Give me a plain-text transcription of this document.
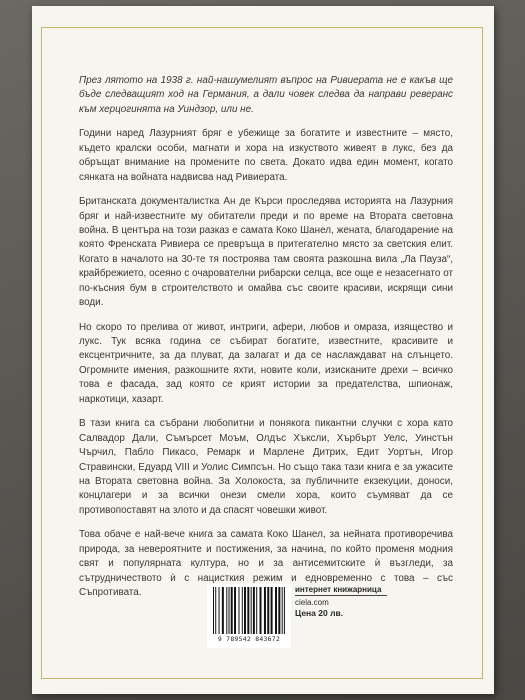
През лятото на 1938 г. най-нашумелият въпрос на Ривиерата не е какъв ще бъде следващият ход на Германия, а дали човек следва да направи реверанс към херцогинята на Уиндзор, или не.

Години наред Лазурният бряг е убежище за богатите и известните – място, където кралски особи, магнати и хора на изкуството живеят в лукс, без да обръщат внимание на промените по света. Докато идва един момент, когато сянката на войната надвисва над Ривиерата.

Британската документалистка Ан де Кърси проследява историята на Лазурния бряг и най-известните му обитатели преди и по време на Втората световна война. В центъра на този разказ е самата Коко Шанел, жената, благодарение на която Френската Ривиера се превръща в притегателно място за светския елит. Когато в началото на 30-те тя построява там своята разкошна вила „Ла Пауза“, крайбрежието, осеяно с очарователни рибарски селца, все още е незасегнато от по-късния бум в строителството и омайва със своите красиви, искрящи сини води.

Но скоро то прелива от живот, интриги, афери, любов и омраза, изящество и лукс. Тук всяка година се събират богатите, известните, красивите и ексцентричните, за да плуват, да залагат и да се наслаждават на слънцето. Огромните имения, разкошните яхти, новите коли, изисканите дрехи – всичко това е фасада, зад която се крият истории за предателства, шпионаж, наркотици, хазарт.

В тази книга са събрани любопитни и понякога пикантни случки с хора като Салвадор Дали, Съмърсет Моъм, Олдъс Хъксли, Хърбърт Уелс, Уинстън Чърчил, Пабло Пикасо, Ремарк и Марлене Дитрих, Едит Уортън, Игор Стравински, Едуард VIII и Уолис Симпсън. Но също така тази книга е за ужасите на Втората световна война. За Холокоста, за публичните екзекуции, доноси, концлагери и за всички онези смели хора, които съумяват да се противопоставят на злото и да спасят човешки живот.

Това обаче е най-вече книга за самата Коко Шанел, за нейната противоречива природа, за невероятните и постижения, за начина, по който променя модния свят и популярната култура, но и за антисемитските ѝ възгледи, за сътрудничеството ѝ с нацисткия режим и едновременно с това – със Съпротивата.

9 789542 843672
интернет книжарница
ciela.com
Цена 20 лв.
